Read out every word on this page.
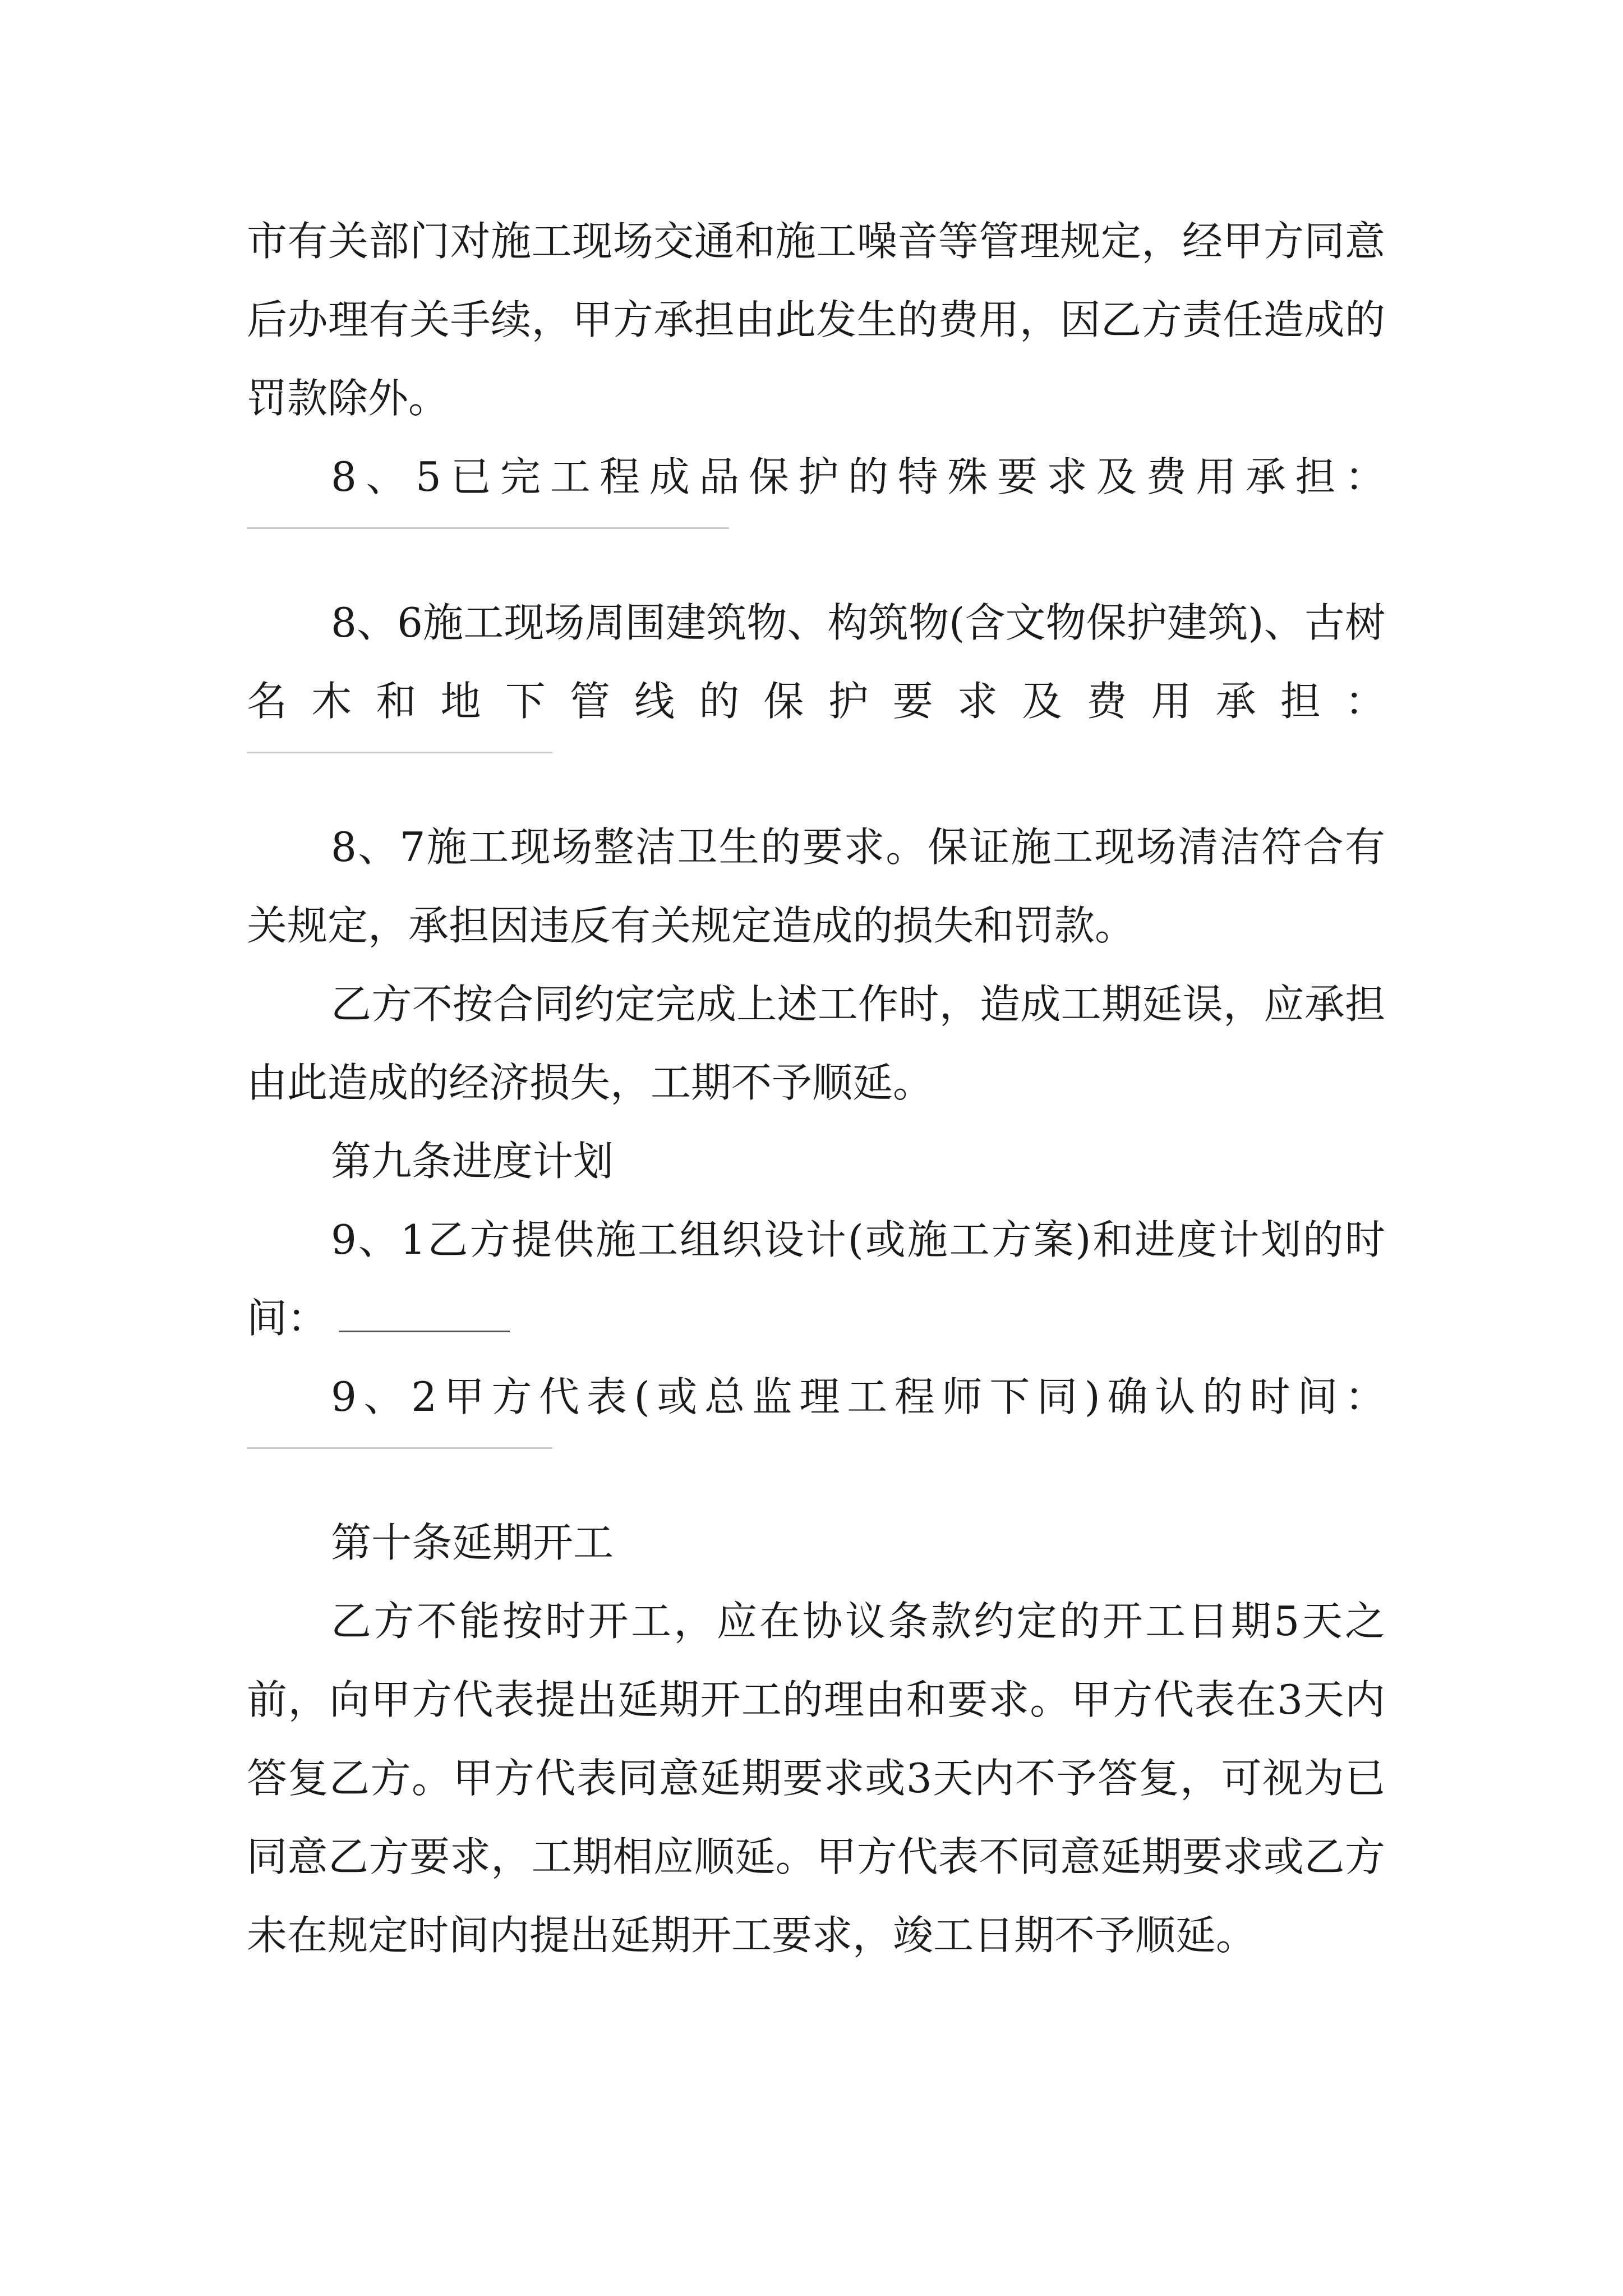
市有关部门对施工现场交通和施工噪音等管理规定，经甲方同意后办理有关手续，甲方承担由此发生的费用，因乙方责任造成的罚款除外。

8、5已完工程成品保护的特殊要求及费用承担：

8、6施工现场周围建筑物、构筑物(含文物保护建筑)、古树名木和地下管线的保护要求及费用承担：

8、7施工现场整洁卫生的要求。保证施工现场清洁符合有关规定，承担因违反有关规定造成的损失和罚款。

乙方不按合同约定完成上述工作时，造成工期延误，应承担由此造成的经济损失，工期不予顺延。

第九条进度计划

9、1乙方提供施工组织设计(或施工方案)和进度计划的时间：

9、2甲方代表(或总监理工程师下同)确认的时间：

第十条延期开工

乙方不能按时开工，应在协议条款约定的开工日期5天之前，向甲方代表提出延期开工的理由和要求。甲方代表在3天内答复乙方。甲方代表同意延期要求或3天内不予答复，可视为已同意乙方要求，工期相应顺延。甲方代表不同意延期要求或乙方未在规定时间内提出延期开工要求，竣工日期不予顺延。
